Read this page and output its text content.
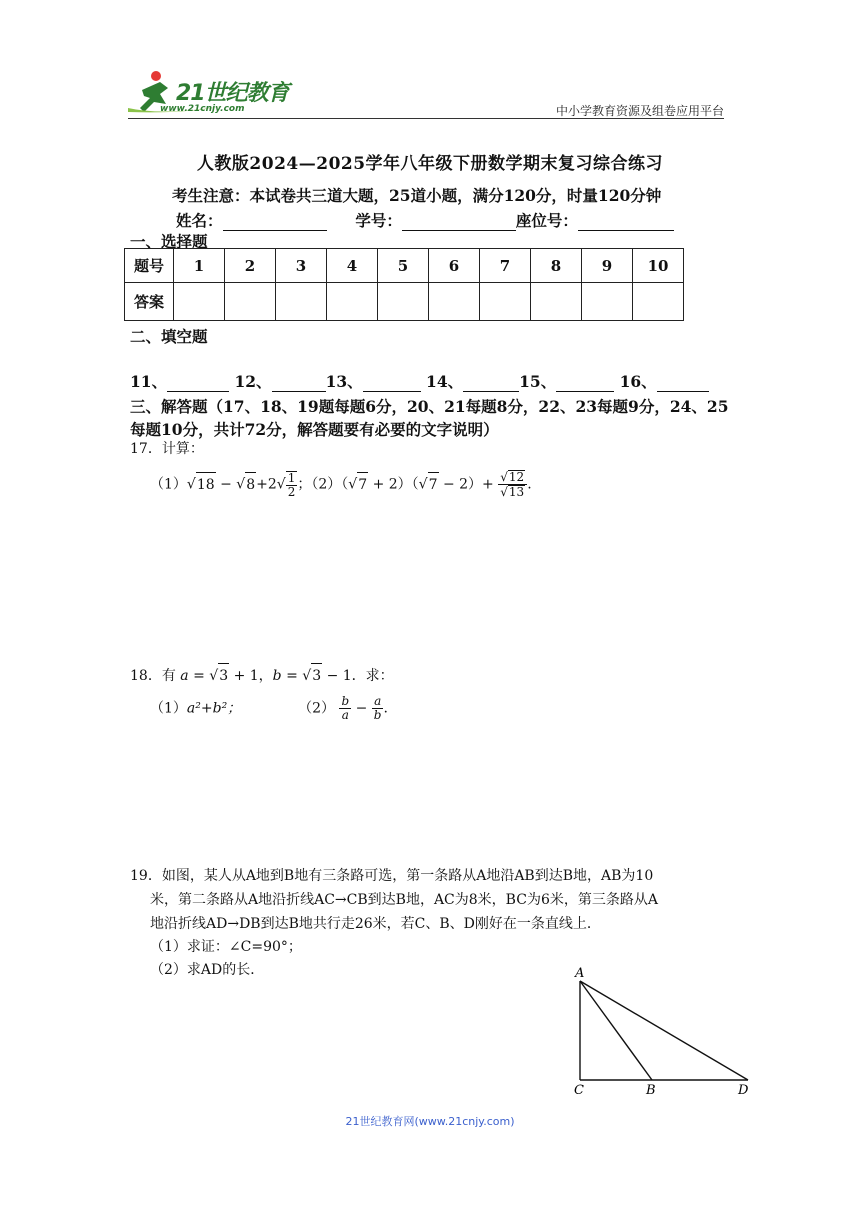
21世纪教育
www.21cnjy.com	中小学教育资源及组卷应用平台
人教版2024—2025学年八年级下册数学期末复习综合练习
考生注意：本试卷共三道大题，25道小题，满分120分，时量120分钟
姓名：	学号：	座位号：
一、选择题
题号	1	2	3	4	5	6	7	8	9	10
答案										
二、填空题
11、	12、	13、	14、	15、	16、
三、解答题（17、18、19题每题6分，20、21每题8分，22、23每题9分，24、25每题10分，共计72分，解答题要有必要的文字说明）
17．计算：
$(1)√18 - √8+2√ \frac{1}{2}$ ；$(2)(√7 + 2)(√7 - 2)+ \frac{√12}{√13}$ .
18．有 a = √3 + 1，b = √3 − 1．求：
（1）a²+b²；	$(2) \frac{b}{a} - \frac{a}{b}$ .
19．如图，某人从A地到B地有三条路可选，第一条路从A地沿AB到达B地，AB为10
米，第二条路从A地沿折线AC→CB到达B地，AC为8米，BC为6米，第三条路从A
地沿折线AD→DB到达B地共行走26米，若C、B、D刚好在一条直线上．
（1）求证：∠C=90°；
（2）求AD的长．	A
C	B	D
21世纪教育网(www.21cnjy.com)
